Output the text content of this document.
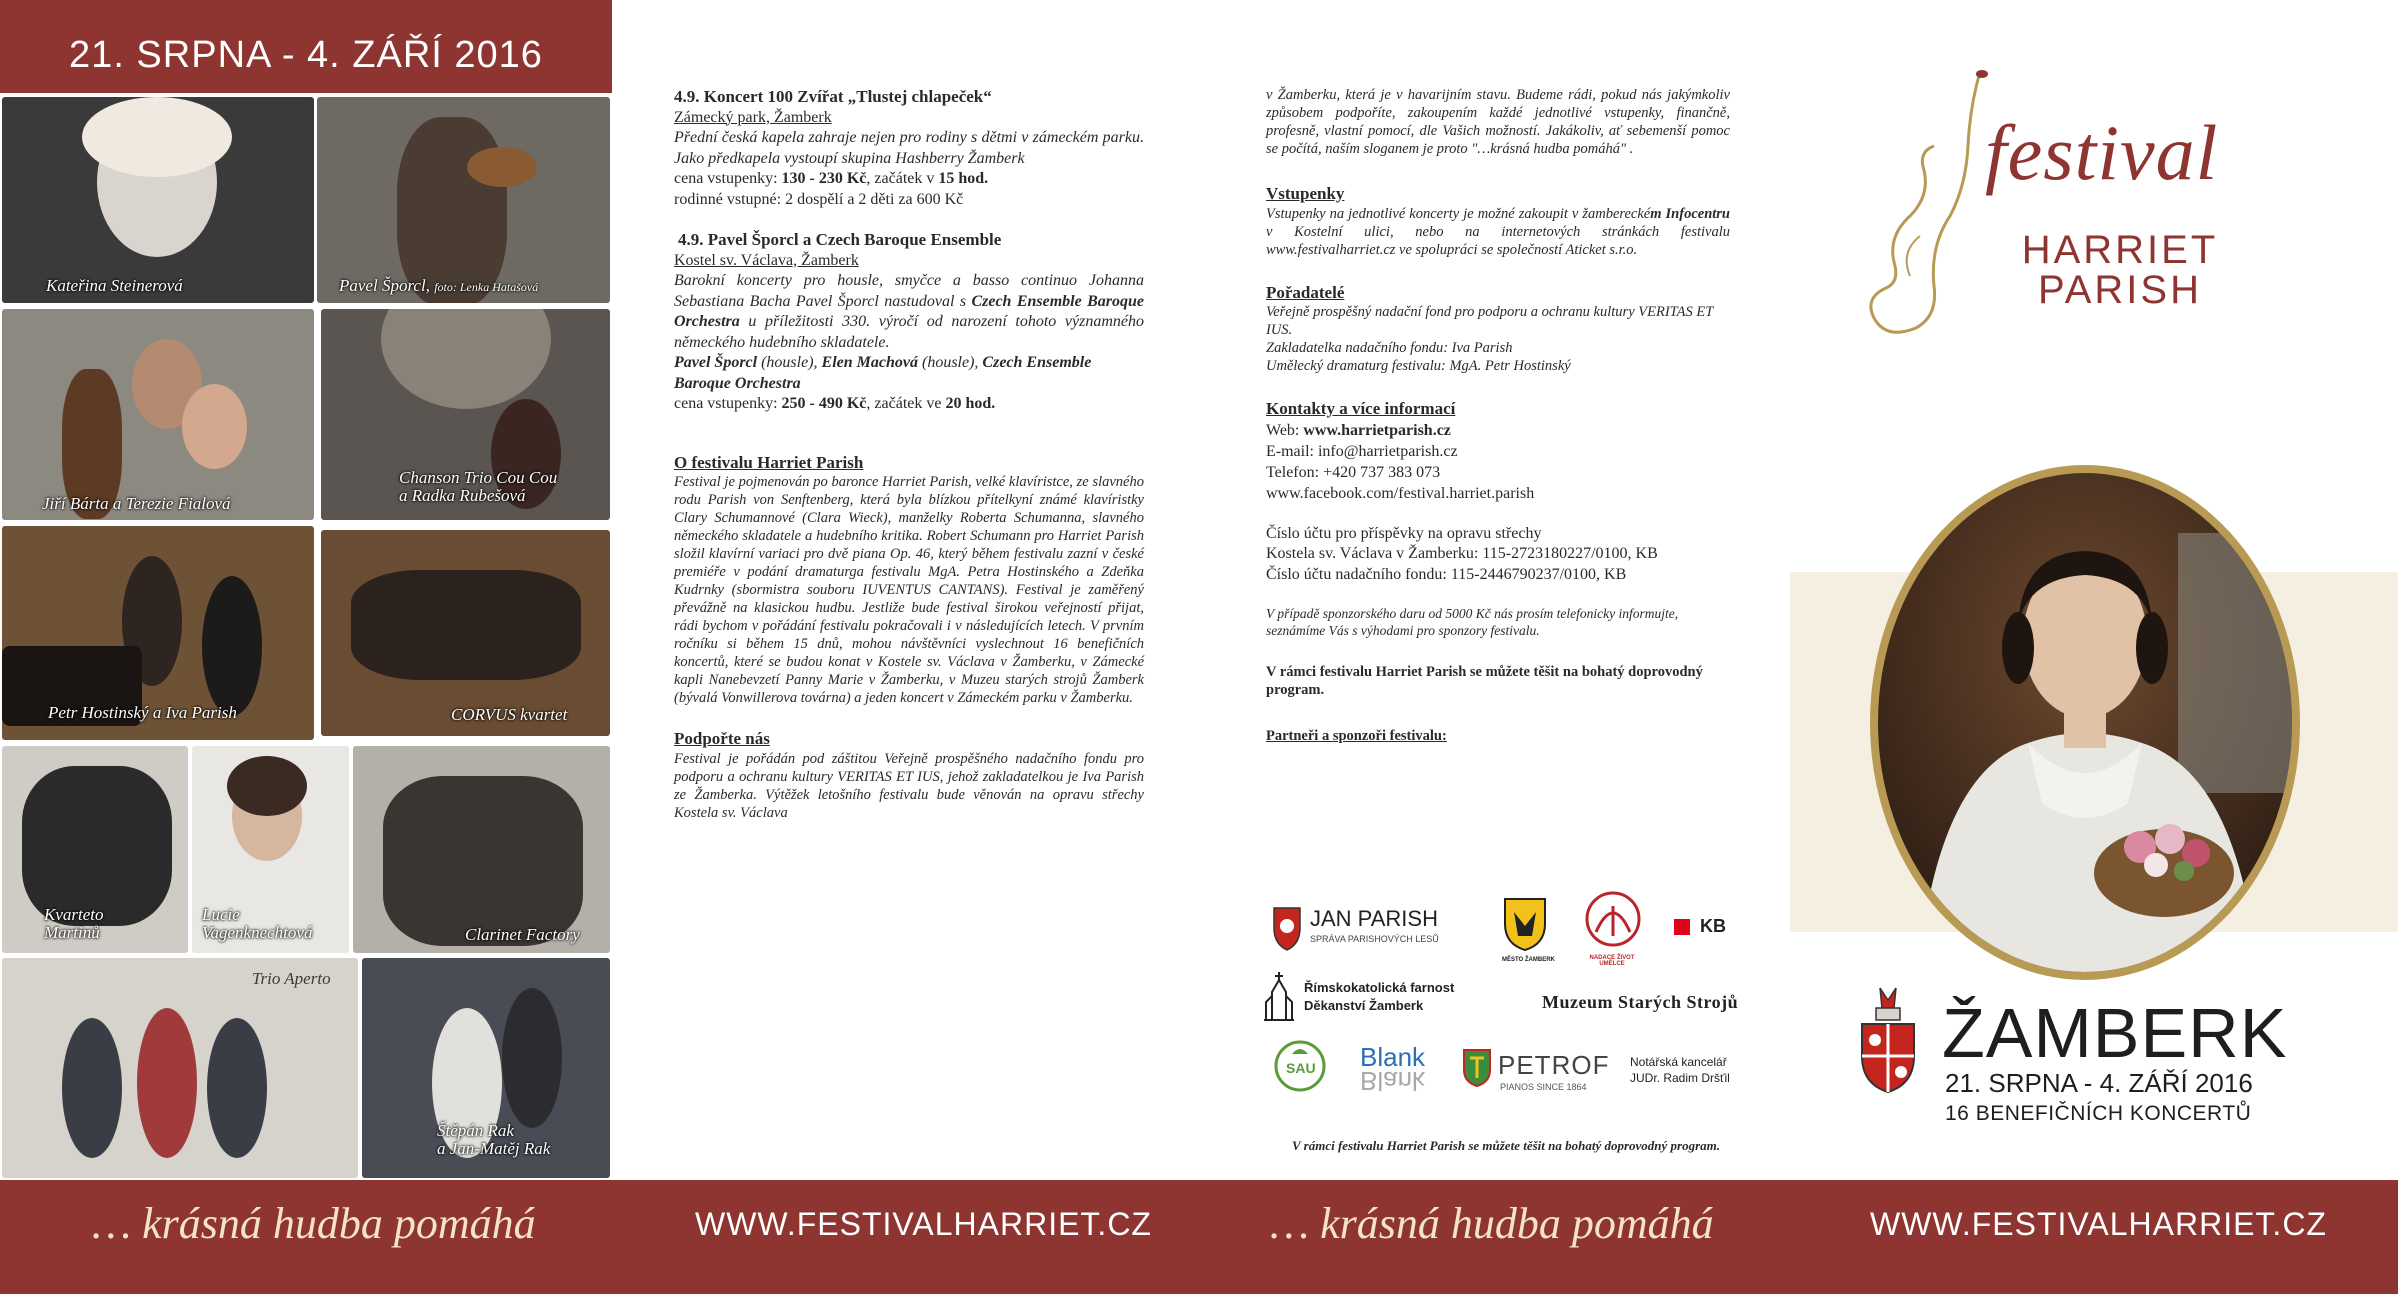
21. SRPNA - 4. ZÁŘÍ 2016
Kateřina Steinerová	Pavel Šporcl, foto: Lenka Hatašová
Jiří Bárta a Terezie Fialová
Chanson Trio Cou Cou
a Radka Rubešová
Petr Hostinský a Iva Parish	CORVUS kvartet
Kvarteto
Martinů
Lucie
Vagenknechtová	Clarinet Factory
Trio Aperto
Štěpán Rak
a Jan-Matěj Rak

4.9. Koncert 100 Zvířat „Tlustej chlapeček“

Zámecký park, Žamberk

Přední česká kapela zahraje nejen pro rodiny s dětmi v zámeckém parku. Jako předkapela vystoupí skupina Hashberry Žamberk

cena vstupenky: 130 - 230 Kč, začátek v 15 hod.

rodinné vstupné: 2 dospělí a 2 děti za 600 Kč

4.9. Pavel Šporcl a Czech Baroque Ensemble

Kostel sv. Václava, Žamberk

Barokní koncerty pro housle, smyčce a basso continuo Johanna Sebastiana Bacha Pavel Šporcl nastudoval s Czech Ensemble Baroque Orchestra u příležitosti 330. výročí od narození tohoto významného německého hudebního skladatele.

Pavel Šporcl (housle), Elen Machová (housle), Czech Ensemble Baroque Orchestra

cena vstupenky: 250 - 490 Kč, začátek ve 20 hod.

O festivalu Harriet Parish

Festival je pojmenován po baronce Harriet Parish, velké klavíristce, ze slavného rodu Parish von Senftenberg, která byla blízkou přítelkyní známé klavíristky Clary Schumannové (Clara Wieck), manželky Roberta Schumanna, slavného německého skladatele a hudebního kritika. Robert Schumann pro Harriet Parish složil klavírní variaci pro dvě piana Op. 46, který během festivalu zazní v české premiéře v podání dramaturga festivalu MgA. Petra Hostinského a Zdeňka Kudrnky (sbormistra souboru IUVENTUS CANTANS). Festival je zaměřený převážně na klasickou hudbu. Jestliže bude festival širokou veřejností přijat, rádi bychom v pořádání festivalu pokračovali i v následujících letech. V prvním ročníku si během 15 dnů, mohou návštěvníci vyslechnout 16 benefičních koncertů, které se budou konat v Kostele sv. Václava v Žamberku, v Zámecké kapli Nanebevzetí Panny Marie v Žamberku, v Muzeu starých strojů Žamberk (bývalá Vonwillerova továrna) a jeden koncert v Zámeckém parku v Žamberku.

Podpořte nás

Festival je pořádán pod záštitou Veřejně prospěšného nadačního fondu pro podporu a ochranu kultury VERITAS ET IUS, jehož zakladatelkou je Iva Parish ze Žamberka. Výtěžek letošního festivalu bude věnován na opravu střechy Kostela sv. Václava

v Žamberku, která je v havarijním stavu. Budeme rádi, pokud nás jakýmkoliv způsobem podpoříte, zakoupením každé jednotlivé vstupenky, finančně, profesně, vlastní pomocí, dle Vašich možností. Jakákoliv, ať sebemenší pomoc se počítá, naším sloganem je proto "…krásná hudba pomáhá" .

Vstupenky

Vstupenky na jednotlivé koncerty je možné zakoupit v žambereckém Infocentru v Kostelní ulici, nebo na internetových stránkách festivalu www.festivalharriet.cz ve spolupráci se společností Aticket s.r.o.

Pořadatelé

Veřejně prospěšný nadační fond pro podporu a ochranu kultury VERITAS ET IUS.

Zakladatelka nadačního fondu: Iva Parish

Umělecký dramaturg festivalu: MgA. Petr Hostinský

Kontakty a více informací

Web: www.harrietparish.cz

E-mail: info@harrietparish.cz

Telefon: +420 737 383 073

www.facebook.com/festival.harriet.parish

Číslo účtu pro příspěvky na opravu střechy

Kostela sv. Václava v Žamberku: 115-2723180227/0100, KB

Číslo účtu nadačního fondu: 115-2446790237/0100, KB

V případě sponzorského daru od 5000 Kč nás prosím telefonicky informujte, seznámíme Vás s výhodami pro sponzory festivalu.

V rámci festivalu Harriet Parish se můžete těšit na bohatý doprovodný program.

Partneři a sponzoři festivalu:

JAN PARISH
SPRÁVA PARISHOVÝCH LESŮ
MĚSTO ŽAMBERK	NADACE ŽIVOT UMĚLCE
KB
Římskokatolická farnost
Děkanství Žamberk	Muzeum Starých Strojů
SAU Blank
Blank
PETROF
PIANOS SINCE 1864
Notářská kancelář
JUDr. Radim Dršťil
V rámci festivalu Harriet Parish se můžete těšit na bohatý doprovodný program.
festival
HARRIET
PARISH
ŽAMBERK
21. SRPNA - 4. ZÁŘÍ 2016
16 BENEFIČNÍCH KONCERTŮ
… krásná hudba pomáhá	WWW.FESTIVALHARRIET.CZ	… krásná hudba pomáhá	WWW.FESTIVALHARRIET.CZ
